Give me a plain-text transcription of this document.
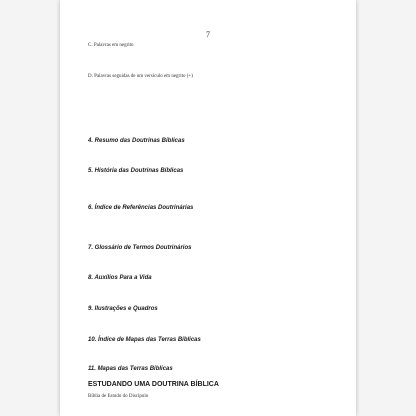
7
C. Palavras em negrito
D. Palavras seguidas de um versículo em negrito (+)
4. Resumo das Doutrinas Bíblicas
5. História das Doutrinas Bíblicas
6. Índice de Referências Doutrinárias
7. Glossário de Termos Doutrinários
8. Auxílios Para a Vida
9. Ilustrações e Quadros
10. Índice de Mapas das Terras Bíblicas
11. Mapas das Terras Bíblicas
ESTUDANDO UMA DOUTRINA BÍBLICA
Bíblia de Estudo do Discípulo
